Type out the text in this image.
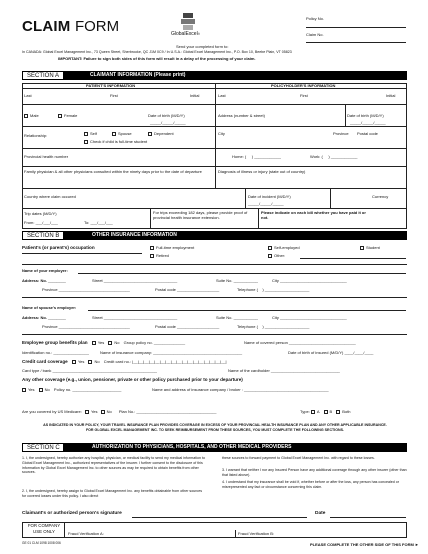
CLAIM FORM	GlobalExcel®
Policy No.
Claim No.
Send your completed form to:
In CANADA: Global Excel Management Inc., 73 Queen Street, Sherbrooke, QC J1M 0C9 / In U.S.A.: Global Excel Management Inc., P.O. Box 10, Beebe Plain, VT 05823
IMPORTANT: Failure to sign both sides of this form will result in a delay of the processing of your claim.
SECTION A	CLAIMANT INFORMATION (Please print)
PATIENT'S INFORMATION	POLICYHOLDER'S INFORMATION
Last	First	Initial	Last	First	Initial
Male	Female	Date of birth (M/D/Y)
_____/_____/_____
Address (number & street)	Date of birth (M/D/Y)
_____/_____/_____
Relationship:	Self	Spouse	Dependent
Check if child is full-time student
City	Province Postal code
Provincial health number	Home: (     ) ____________	Work: (     ) ____________
Family physician & all other physicians consulted within the ninety days prior to the date of departure	Diagnosis of illness or injury (state out of country)
Country where claim occured	Date of incident (M/D/Y)
_____/_____/_____
Currency
Trip dates (M/D/Y)
From: ___/___/___	To: ___/___/___
For trips exceeding 182 days, please provide proof of provincial health insurance extension.
Please indicate on each bill whether you have paid it or not.
SECTION B	OTHER INSURANCE INFORMATION
Patient's (or parent's) occupation	Full-time employment
Retired
Self-employed
Other:
Student
Name of your employer:
Address: No. ________	Street _________________________________	Suite No. ___________	City ______________________________
Province ________________________________	Postal code ___________________	Telephone (    ) ____________________
Name of spouse's employer:
Address: No. ________	Street _________________________________	Suite No. ___________	City ______________________________
Province ________________________________	Postal code ___________________	Telephone (    ) ____________________
Employee group benefits plan	Yes	No Group policy no. ______________	Name of covered person ______________________________
Identification no.: ________________	Name of insurance company: ________________________________________	Date of birth of insured (M/D/Y) ____/____/____
Credit card coverage	Yes	No Credit card no.: |__|__|__|__|__|__|__|__|__|__|__|__|__|__|__|__|__|
Card type / bank _______________________________________________	Name of the cardholder _______________________________
Any other coverage (e.g., union, pensioner, private or other policy purchased prior to your departure)
Yes	No Policy no. ______________________	Name and address of insurance company / broker : ______________________________________
Are you covered by US Medicare: Yes No Plan No.: ____________________________________	Type: A	B	Both
AS INDICATED IN YOUR POLICY, YOUR TRAVEL INSURANCE PLAN PROVIDES COVERAGE IN EXCESS OF YOUR PROVINCIAL HEALTH INSURANCE PLAN AND ANY OTHER APPLICABLE INSURANCE. FOR GLOBAL EXCEL MANAGEMENT INC. TO SEEK REIMBURSEMENT FROM THESE SOURCES, YOU MUST COMPLETE THE FOLLOWING SECTIONS.
SECTION C	AUTHORIZATION TO PHYSICIANS, HOSPITALS, AND OTHER MEDICAL PROVIDERS
1. I, the undersigned, hereby authorize any hospital, physician, or medical facility to send my medical information to Global Excel Management Inc., authorized representatives of the insurer. I further consent to the disclosure of this information by Global Excel Management Inc. to other sources as may be required to obtain benefits from other sources.
2. I, the undersigned, hereby assign to Global Excel Management Inc. any benefits obtainable from other sources for covered losses under this policy. I also direct
these sources to forward payment to Global Excel Management Inc. with regard to these losses.
3. I warrant that neither I nor any Insured Person have any additional coverage through any other insurer (other than that listed above).
4. I understand that my insurance shall be void if, whether before or after the loss, any person has concealed or misrepresented any fact or circumstance concerning this claim.
Claimant's or authorized person's signature	Date
FOR COMPANY USE ONLY	Fraud Verification A:	Fraud Verification B:
GE 01 CLM 1098 1008 006	PLEASE COMPLETE THE OTHER SIDE OF THIS FORM ►
